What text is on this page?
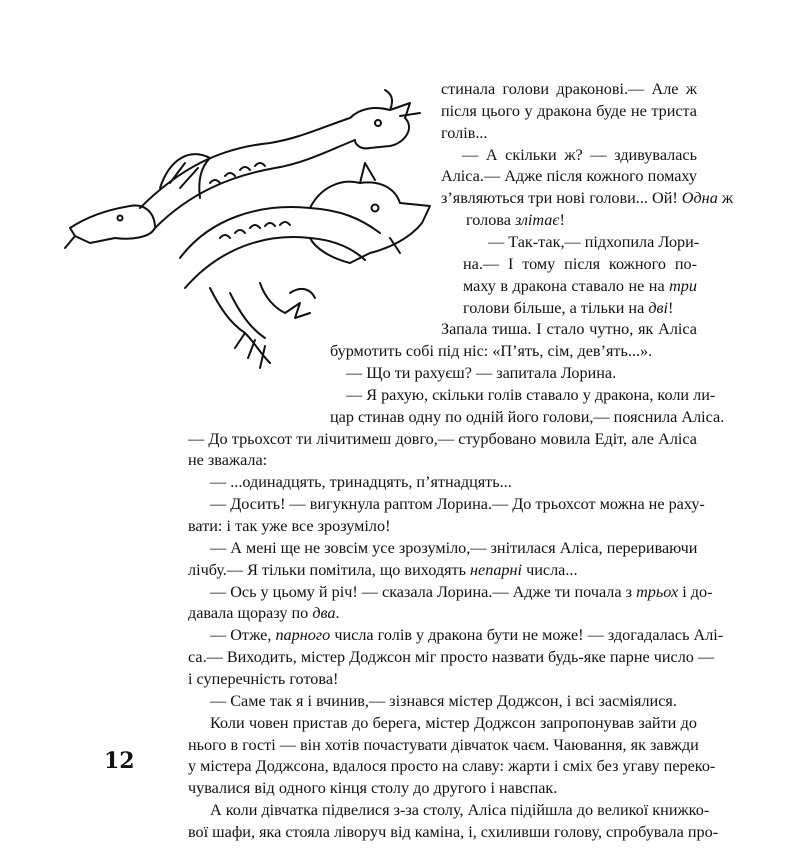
стинала голови драконові.— Але ж
після цього у дракона буде не триста
голів...
— А скільки ж? — здивувалась
Аліса.— Адже після кожного помаху
з’являються три нові голови... Ой! Одна ж
голова злітає!
— Так-так,— підхопила Лори-
на.— І тому після кожного по-
маху в дракона ставало не на три
голови більше, а тільки на дві!
Запала тиша. І стало чутно, як Аліса
бурмотить собі під ніс: «П’ять, сім, дев’ять...».
— Що ти рахуєш? — запитала Лорина.
— Я рахую, скільки голів ставало у дракона, коли ли-
цар стинав одну по одній його голови,— пояснила Аліса.
— До трьохсот ти лічитимеш довго,— стурбовано мовила Едіт, але Аліса
не зважала:
— ...одинадцять, тринадцять, п’ятнадцять...
— Досить! — вигукнула раптом Лорина.— До трьохсот можна не раху-
вати: і так уже все зрозуміло!
— А мені ще не зовсім усе зрозуміло,— знітилася Аліса, перериваючи
лічбу.— Я тільки помітила, що виходять непарні числа...
— Ось у цьому й річ! — сказала Лорина.— Адже ти почала з трьох і до-
давала щоразу по два.
— Отже, парного числа голів у дракона бути не може! — здогадалась Алі-
са.— Виходить, містер Доджсон міг просто назвати будь-яке парне число —
і суперечність готова!
— Саме так я і вчинив,— зізнався містер Доджсон, і всі засміялися.
Коли човен пристав до берега, містер Доджсон запропонував зайти до
нього в гості — він хотів почастувати дівчаток чаєм. Чаювання, як завжди
у містера Доджсона, вдалося просто на славу: жарти і сміх без угаву переко-
чувалися від одного кінця столу до другого і навспак.
А коли дівчатка підвелися з-за столу, Аліса підійшла до великої книжко-
вої шафи, яка стояла ліворуч від каміна, і, схиливши голову, спробувала про-
12
